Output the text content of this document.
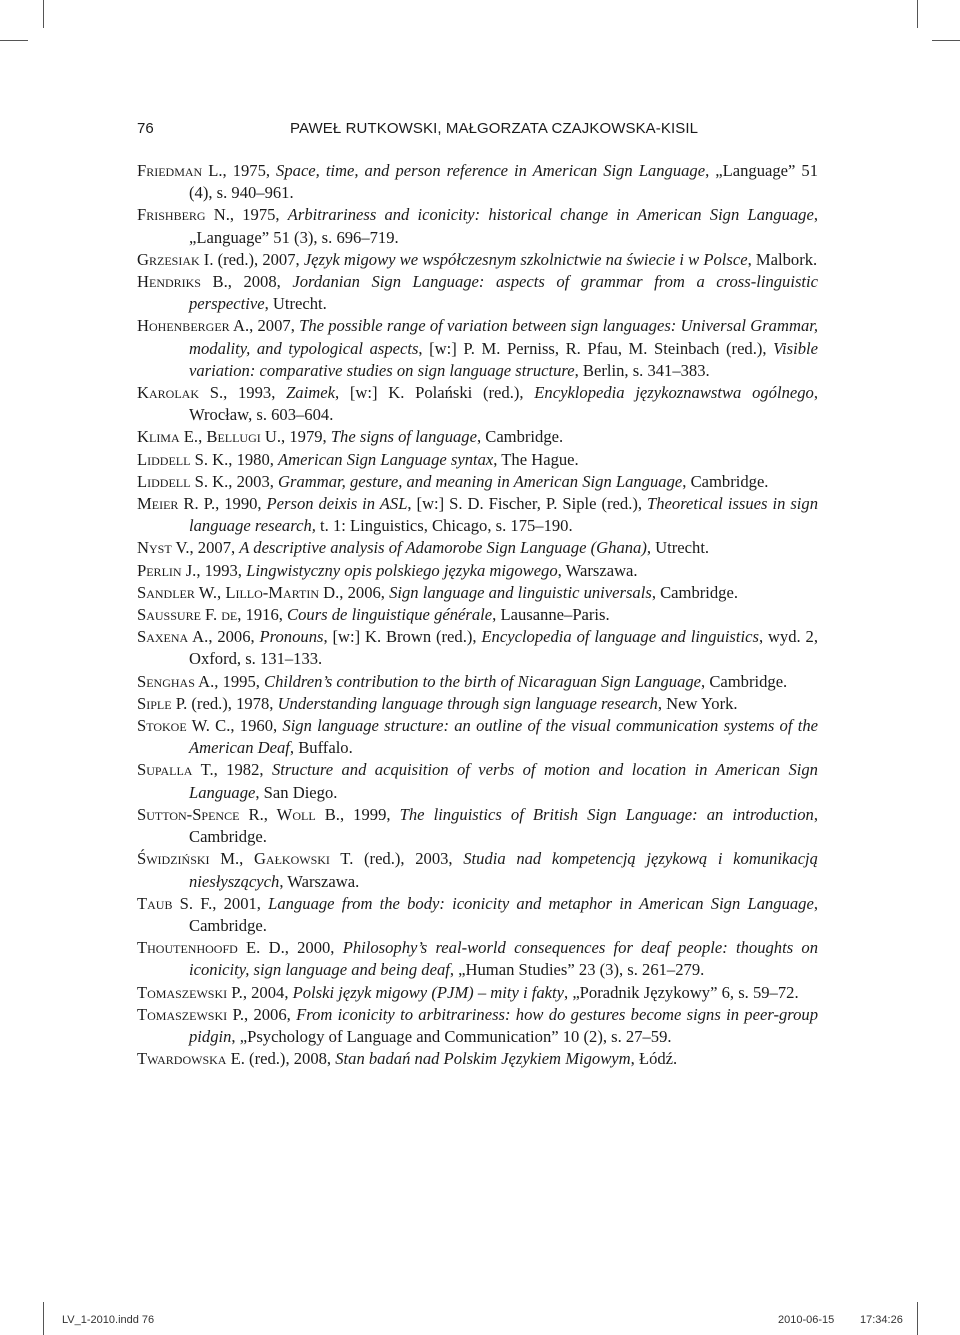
76	PAWEŁ RUTKOWSKI, MAŁGORZATA CZAJKOWSKA-KISIL

Friedman L., 1975, Space, time, and person reference in American Sign Language, „Language” 51 (4), s. 940–961.

Frishberg N., 1975, Arbitrariness and iconicity: historical change in American Sign Language, „Language” 51 (3), s. 696–719.

Grzesiak I. (red.), 2007, Język migowy we współczesnym szkolnictwie na świecie i w Polsce, Malbork.

Hendriks B., 2008, Jordanian Sign Language: aspects of grammar from a cross-linguistic perspective, Utrecht.

Hohenberger A., 2007, The possible range of variation between sign languages: Universal Grammar, modality, and typological aspects, [w:] P. M. Perniss, R. Pfau, M. Steinbach (red.), Visible variation: comparative studies on sign language structure, Berlin, s. 341–383.

Karolak S., 1993, Zaimek, [w:] K. Polański (red.), Encyklopedia językoznawstwa ogólnego, Wrocław, s. 603–604.

Klima E., Bellugi U., 1979, The signs of language, Cambridge.

Liddell S. K., 1980, American Sign Language syntax, The Hague.

Liddell S. K., 2003, Grammar, gesture, and meaning in American Sign Language, Cambridge.

Meier R. P., 1990, Person deixis in ASL, [w:] S. D. Fischer, P. Siple (red.), Theoretical issues in sign language research, t. 1: Linguistics, Chicago, s. 175–190.

Nyst V., 2007, A descriptive analysis of Adamorobe Sign Language (Ghana), Utrecht.

Perlin J., 1993, Lingwistyczny opis polskiego języka migowego, Warszawa.

Sandler W., Lillo-Martin D., 2006, Sign language and linguistic universals, Cambridge.

Saussure F. de, 1916, Cours de linguistique générale, Lausanne–Paris.

Saxena A., 2006, Pronouns, [w:] K. Brown (red.), Encyclopedia of language and linguistics, wyd. 2, Oxford, s. 131–133.

Senghas A., 1995, Children’s contribution to the birth of Nicaraguan Sign Language, Cambridge.

Siple P. (red.), 1978, Understanding language through sign language research, New York.

Stokoe W. C., 1960, Sign language structure: an outline of the visual communication systems of the American Deaf, Buffalo.

Supalla T., 1982, Structure and acquisition of verbs of motion and location in American Sign Language, San Diego.

Sutton-Spence R., Woll B., 1999, The linguistics of British Sign Language: an introduction, Cambridge.

Świdziński M., Gałkowski T. (red.), 2003, Studia nad kompetencją językową i komunikacją niesłyszących, Warszawa.

Taub S. F., 2001, Language from the body: iconicity and metaphor in American Sign Language, Cambridge.

Thoutenhoofd E. D., 2000, Philosophy’s real-world consequences for deaf people: thoughts on iconicity, sign language and being deaf, „Human Studies” 23 (3), s. 261–279.

Tomaszewski P., 2004, Polski język migowy (PJM) – mity i fakty, „Poradnik Językowy” 6, s. 59–72.

Tomaszewski P., 2006, From iconicity to arbitrariness: how do gestures become signs in peer-group pidgin, „Psychology of Language and Communication” 10 (2), s. 27–59.

Twardowska E. (red.), 2008, Stan badań nad Polskim Językiem Migowym, Łódź.

LV_1-2010.indd 76	2010-06-15 17:34:26
